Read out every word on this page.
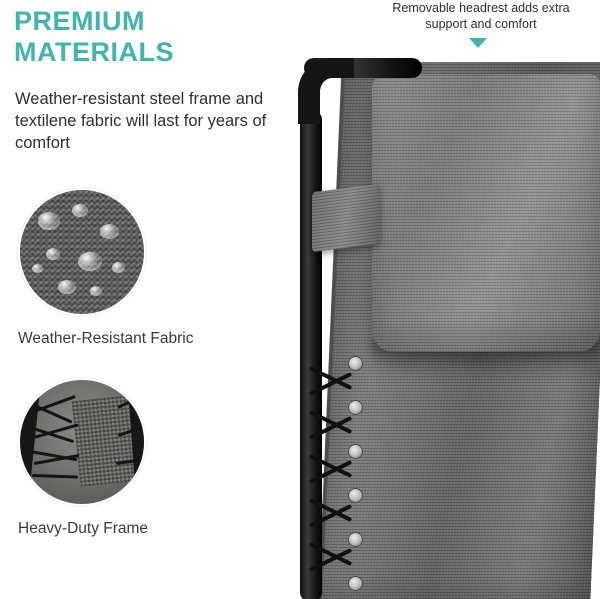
PREMIUM
MATERIALS
Weather-resistant steel frame and textilene fabric will last for years of comfort
Weather-Resistant Fabric
Heavy-Duty Frame
Removable headrest adds extra support and comfort
